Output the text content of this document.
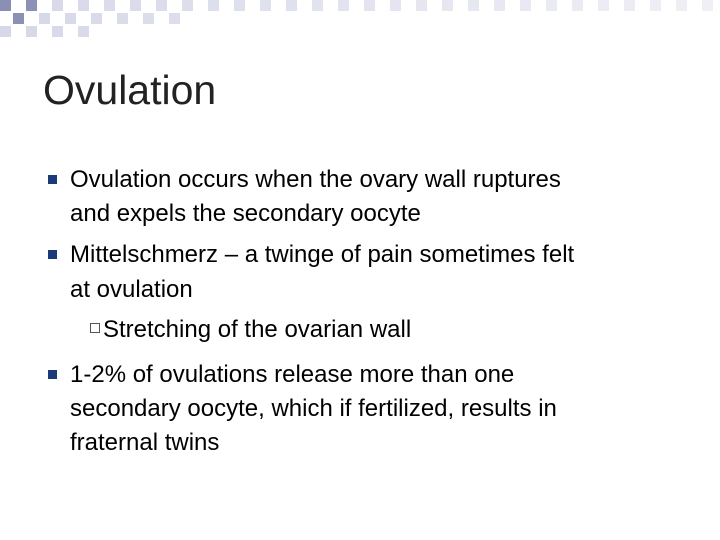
Ovulation
Ovulation occurs when the ovary wall ruptures
and expels the secondary oocyte
Mittelschmerz – a twinge of pain sometimes felt
at ovulation
Stretching of the ovarian wall
1-2% of ovulations release more than one
secondary oocyte, which if fertilized, results in
fraternal twins
